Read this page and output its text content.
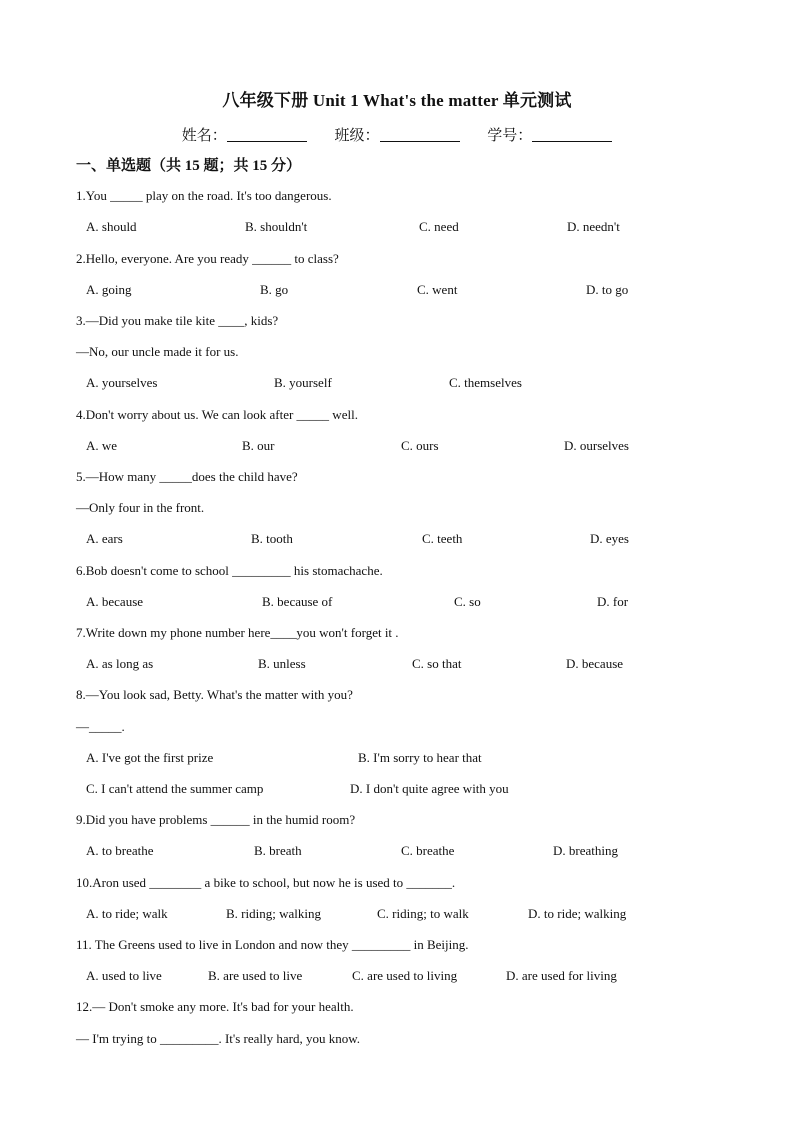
八年级下册 Unit 1 What's the matter 单元测试
姓名：	班级：	学号：
一、单选题（共 15 题；共 15 分）
1.You _____ play on the road. It's too dangerous.
A. should	B. shouldn't	C. need	D. needn't
2.Hello, everyone. Are you ready ______ to class?
A. going	B. go	C. went	D. to go
3.—Did you make tile kite ____, kids?
—No, our uncle made it for us.
A. yourselves	B. yourself	C. themselves
4.Don't worry about us. We can look after _____ well.
A. we	B. our	C. ours	D. ourselves
5.—How many _____does the child have?
—Only four in the front.
A. ears	B. tooth	C. teeth	D. eyes
6.Bob doesn't come to school _________ his stomachache.
A. because	B. because of	C. so	D. for
7.Write down my phone number here____you won't forget it .
A. as long as	B. unless	C. so that	D. because
8.—You look sad, Betty. What's the matter with you?
—_____.
A. I've got the first prize	B. I'm sorry to hear that
C. I can't attend the summer camp	D. I don't quite agree with you
9.Did you have problems ______ in the humid room?
A. to breathe	B. breath	C. breathe	D. breathing
10.Aron used ________ a bike to school, but now he is used to _______.
A. to ride; walk	B. riding; walking	C. riding; to walk	D. to ride; walking
11. The Greens used to live in London and now they _________ in Beijing.
A. used to live	B. are used to live	C. are used to living	D. are used for living
12.— Don't smoke any more. It's bad for your health.
— I'm trying to _________. It's really hard, you know.
